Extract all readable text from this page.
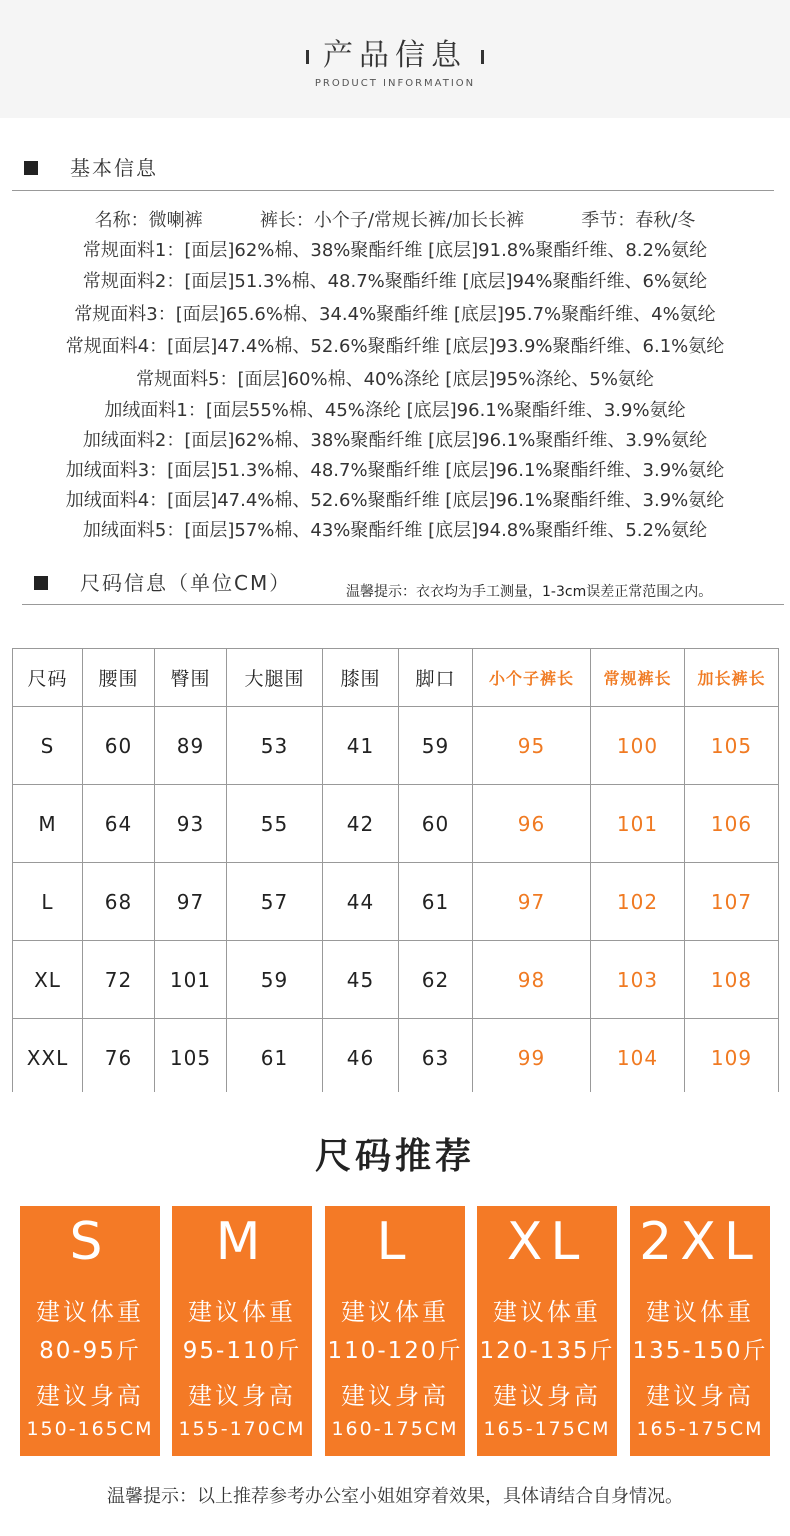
产品信息
PRODUCT INFORMATION
基本信息
名称：微喇裤          裤长：小个子/常规长裤/加长长裤          季节：春秋/冬
常规面料1：[面层]62%棉、38%聚酯纤维 [底层]91.8%聚酯纤维、8.2%氨纶
常规面料2：[面层]51.3%棉、48.7%聚酯纤维 [底层]94%聚酯纤维、6%氨纶
常规面料3：[面层]65.6%棉、34.4%聚酯纤维 [底层]95.7%聚酯纤维、4%氨纶
常规面料4：[面层]47.4%棉、52.6%聚酯纤维 [底层]93.9%聚酯纤维、6.1%氨纶
常规面料5：[面层]60%棉、40%涤纶 [底层]95%涤纶、5%氨纶
加绒面料1：[面层55%棉、45%涤纶 [底层]96.1%聚酯纤维、3.9%氨纶
加绒面料2：[面层]62%棉、38%聚酯纤维 [底层]96.1%聚酯纤维、3.9%氨纶
加绒面料3：[面层]51.3%棉、48.7%聚酯纤维 [底层]96.1%聚酯纤维、3.9%氨纶
加绒面料4：[面层]47.4%棉、52.6%聚酯纤维 [底层]96.1%聚酯纤维、3.9%氨纶
加绒面料5：[面层]57%棉、43%聚酯纤维 [底层]94.8%聚酯纤维、5.2%氨纶
尺码信息（单位CM）	温馨提示：衣衣均为手工测量，1-3cm误差正常范围之内。
尺码	腰围	臀围	大腿围	膝围	脚口	小个子裤长	常规裤长	加长裤长
S	60	89	53	41	59	95	100	105
M	64	93	55	42	60	96	101	106
L	68	97	57	44	61	97	102	107
XL	72	101	59	45	62	98	103	108
XXL	76	105	61	46	63	99	104	109
尺码推荐
S
建议体重
80-95斤
建议身高
150-165CM
M
建议体重
95-110斤
建议身高
155-170CM
L
建议体重
110-120斤
建议身高
160-175CM
XL
建议体重
120-135斤
建议身高
165-175CM
2XL
建议体重
135-150斤
建议身高
165-175CM
温馨提示：以上推荐参考办公室小姐姐穿着效果，具体请结合自身情况。
